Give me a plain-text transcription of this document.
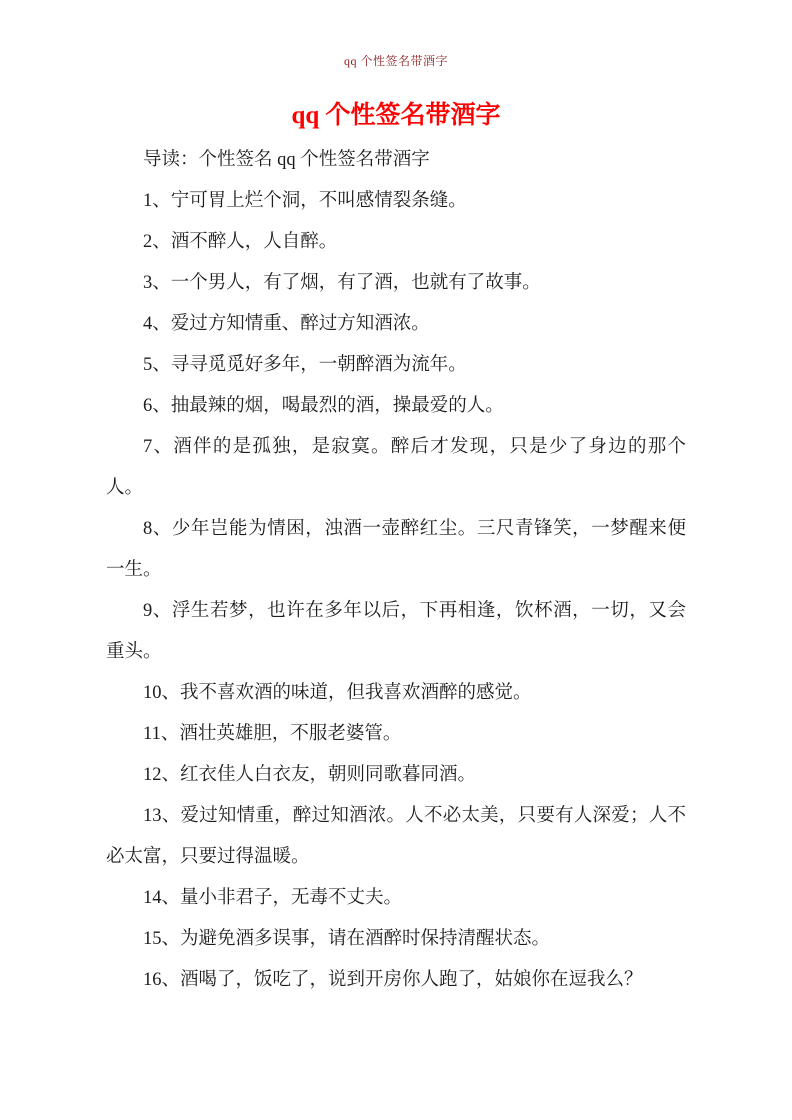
qq 个性签名带酒字
qq 个性签名带酒字

导读：个性签名 qq 个性签名带酒字

1、宁可胃上烂个洞，不叫感情裂条缝。

2、酒不醉人，人自醉。

3、一个男人，有了烟，有了酒，也就有了故事。

4、爱过方知情重、醉过方知酒浓。

5、寻寻觅觅好多年，一朝醉酒为流年。

6、抽最辣的烟，喝最烈的酒，操最爱的人。

7、酒伴的是孤独，是寂寞。醉后才发现，只是少了身边的那个人。

8、少年岂能为情困，浊酒一壶醉红尘。三尺青锋笑，一梦醒来便一生。

9、浮生若梦，也许在多年以后，下再相逢，饮杯酒，一切，又会重头。

10、我不喜欢酒的味道，但我喜欢酒醉的感觉。

11、酒壮英雄胆，不服老婆管。

12、红衣佳人白衣友，朝则同歌暮同酒。

13、爱过知情重，醉过知酒浓。人不必太美，只要有人深爱；人不必太富，只要过得温暖。

14、量小非君子，无毒不丈夫。

15、为避免酒多误事，请在酒醉时保持清醒状态。

16、酒喝了，饭吃了，说到开房你人跑了，姑娘你在逗我么？
